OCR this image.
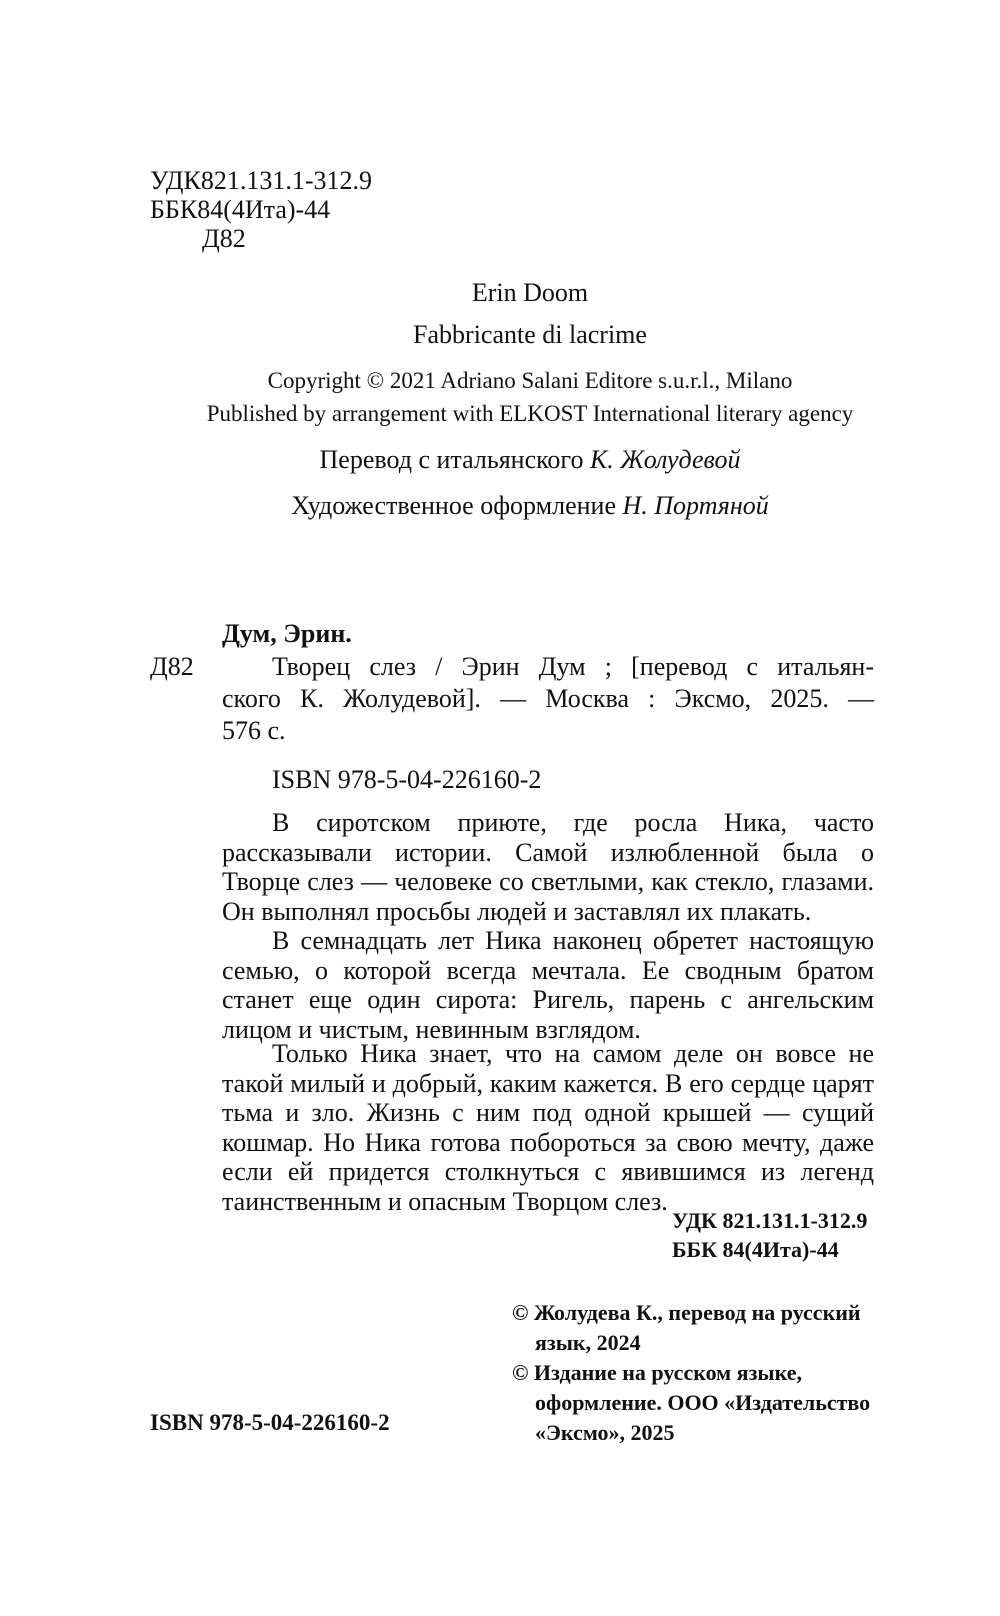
УДК821.131.1-312.9
ББК84(4Ита)-44
Д82
Erin Doom
Fabbricante di lacrime
Copyright © 2021 Adriano Salani Editore s.u.r.l., Milano
Published by arrangement with ELKOST International literary agency
Перевод с итальянского К. Жолудевой
Художественное оформление Н. Портяной
Дум, Эрин.
Д82	Творец слез / Эрин Дум ; [перевод с итальян-
ского К. Жолудевой]. — Москва : Эксмо, 2025. —
576 с.
ISBN 978-5-04-226160-2
В сиротском приюте, где росла Ника, часто рассказывали истории. Самой излюбленной была о Творце слез — человеке со светлыми, как стекло, глазами. Он выполнял просьбы людей и заставлял их плакать.
В семнадцать лет Ника наконец обретет настоящую семью, о которой всегда мечтала. Ее сводным братом станет еще один сирота: Ригель, парень с ангельским лицом и чистым, невинным взглядом.
Только Ника знает, что на самом деле он вовсе не такой милый и добрый, каким кажется. В его сердце царят тьма и зло. Жизнь с ним под одной крышей — сущий кошмар. Но Ника готова побороться за свою мечту, даже если ей придется столкнуться с явившимся из легенд таинственным и опасным Творцом слез.
УДК 821.131.1-312.9
ББК 84(4Ита)-44
© Жолудева К., перевод на русский
язык, 2024
© Издание на русском языке,
оформление. ООО «Издательство
«Эксмо», 2025
ISBN 978-5-04-226160-2
